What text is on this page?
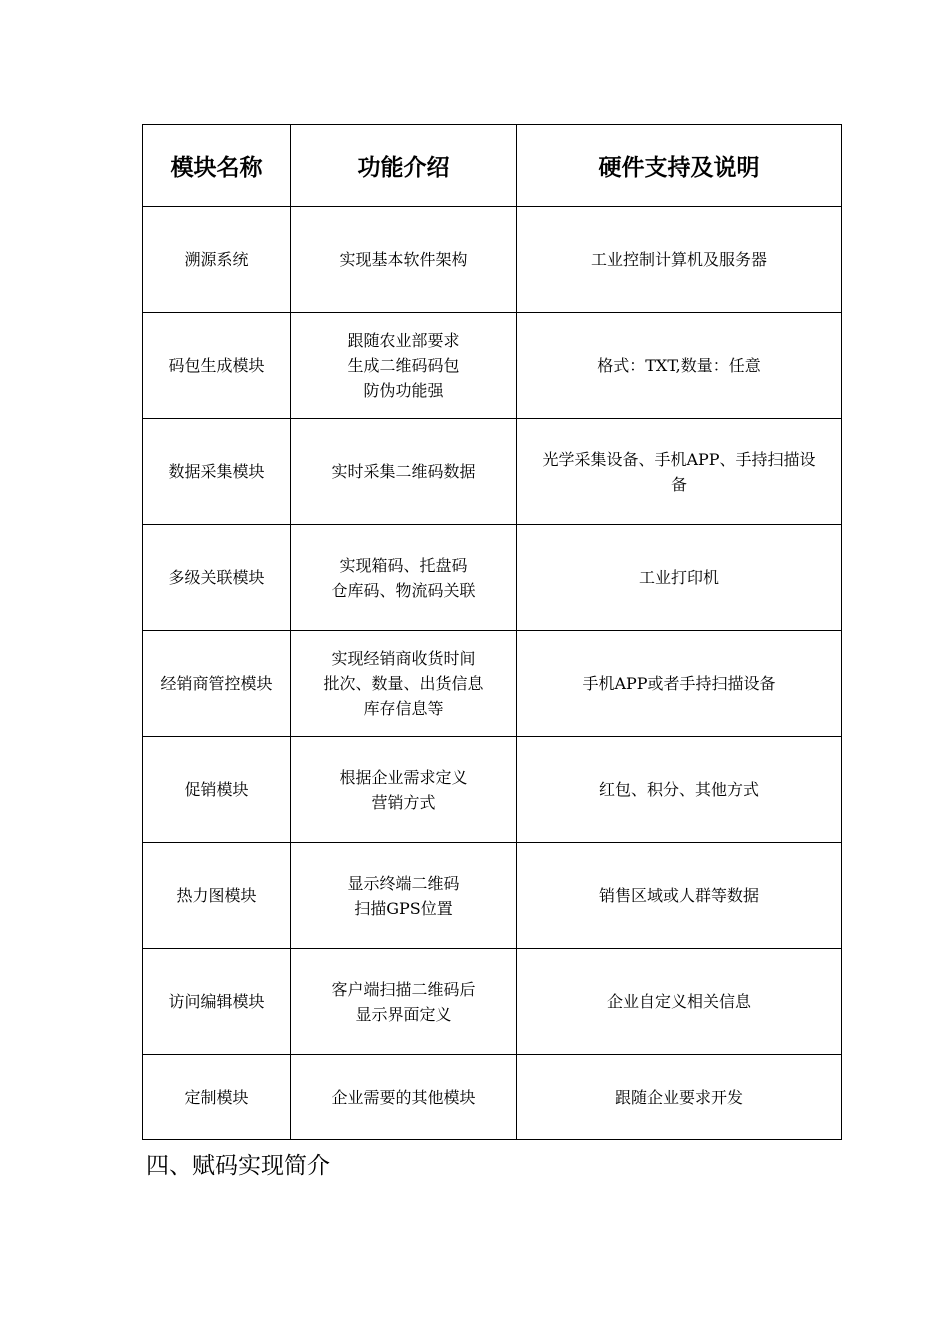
模块名称	功能介绍	硬件支持及说明

溯源系统	实现基本软件架构	工业控制计算机及服务器

码包生成模块	跟随农业部要求
生成二维码码包
防伪功能强	格式：TXT,数量：任意

数据采集模块	实时采集二维码数据	光学采集设备、手机APP、手持扫描设
备

多级关联模块	实现箱码、托盘码
仓库码、物流码关联	工业打印机

经销商管控模块	实现经销商收货时间
批次、数量、出货信息
库存信息等	手机APP或者手持扫描设备

促销模块	根据企业需求定义
营销方式	红包、积分、其他方式

热力图模块	显示终端二维码
扫描GPS位置	销售区域或人群等数据

访问编辑模块	客户端扫描二维码后
显示界面定义	企业自定义相关信息

定制模块	企业需要的其他模块	跟随企业要求开发
四、赋码实现简介
